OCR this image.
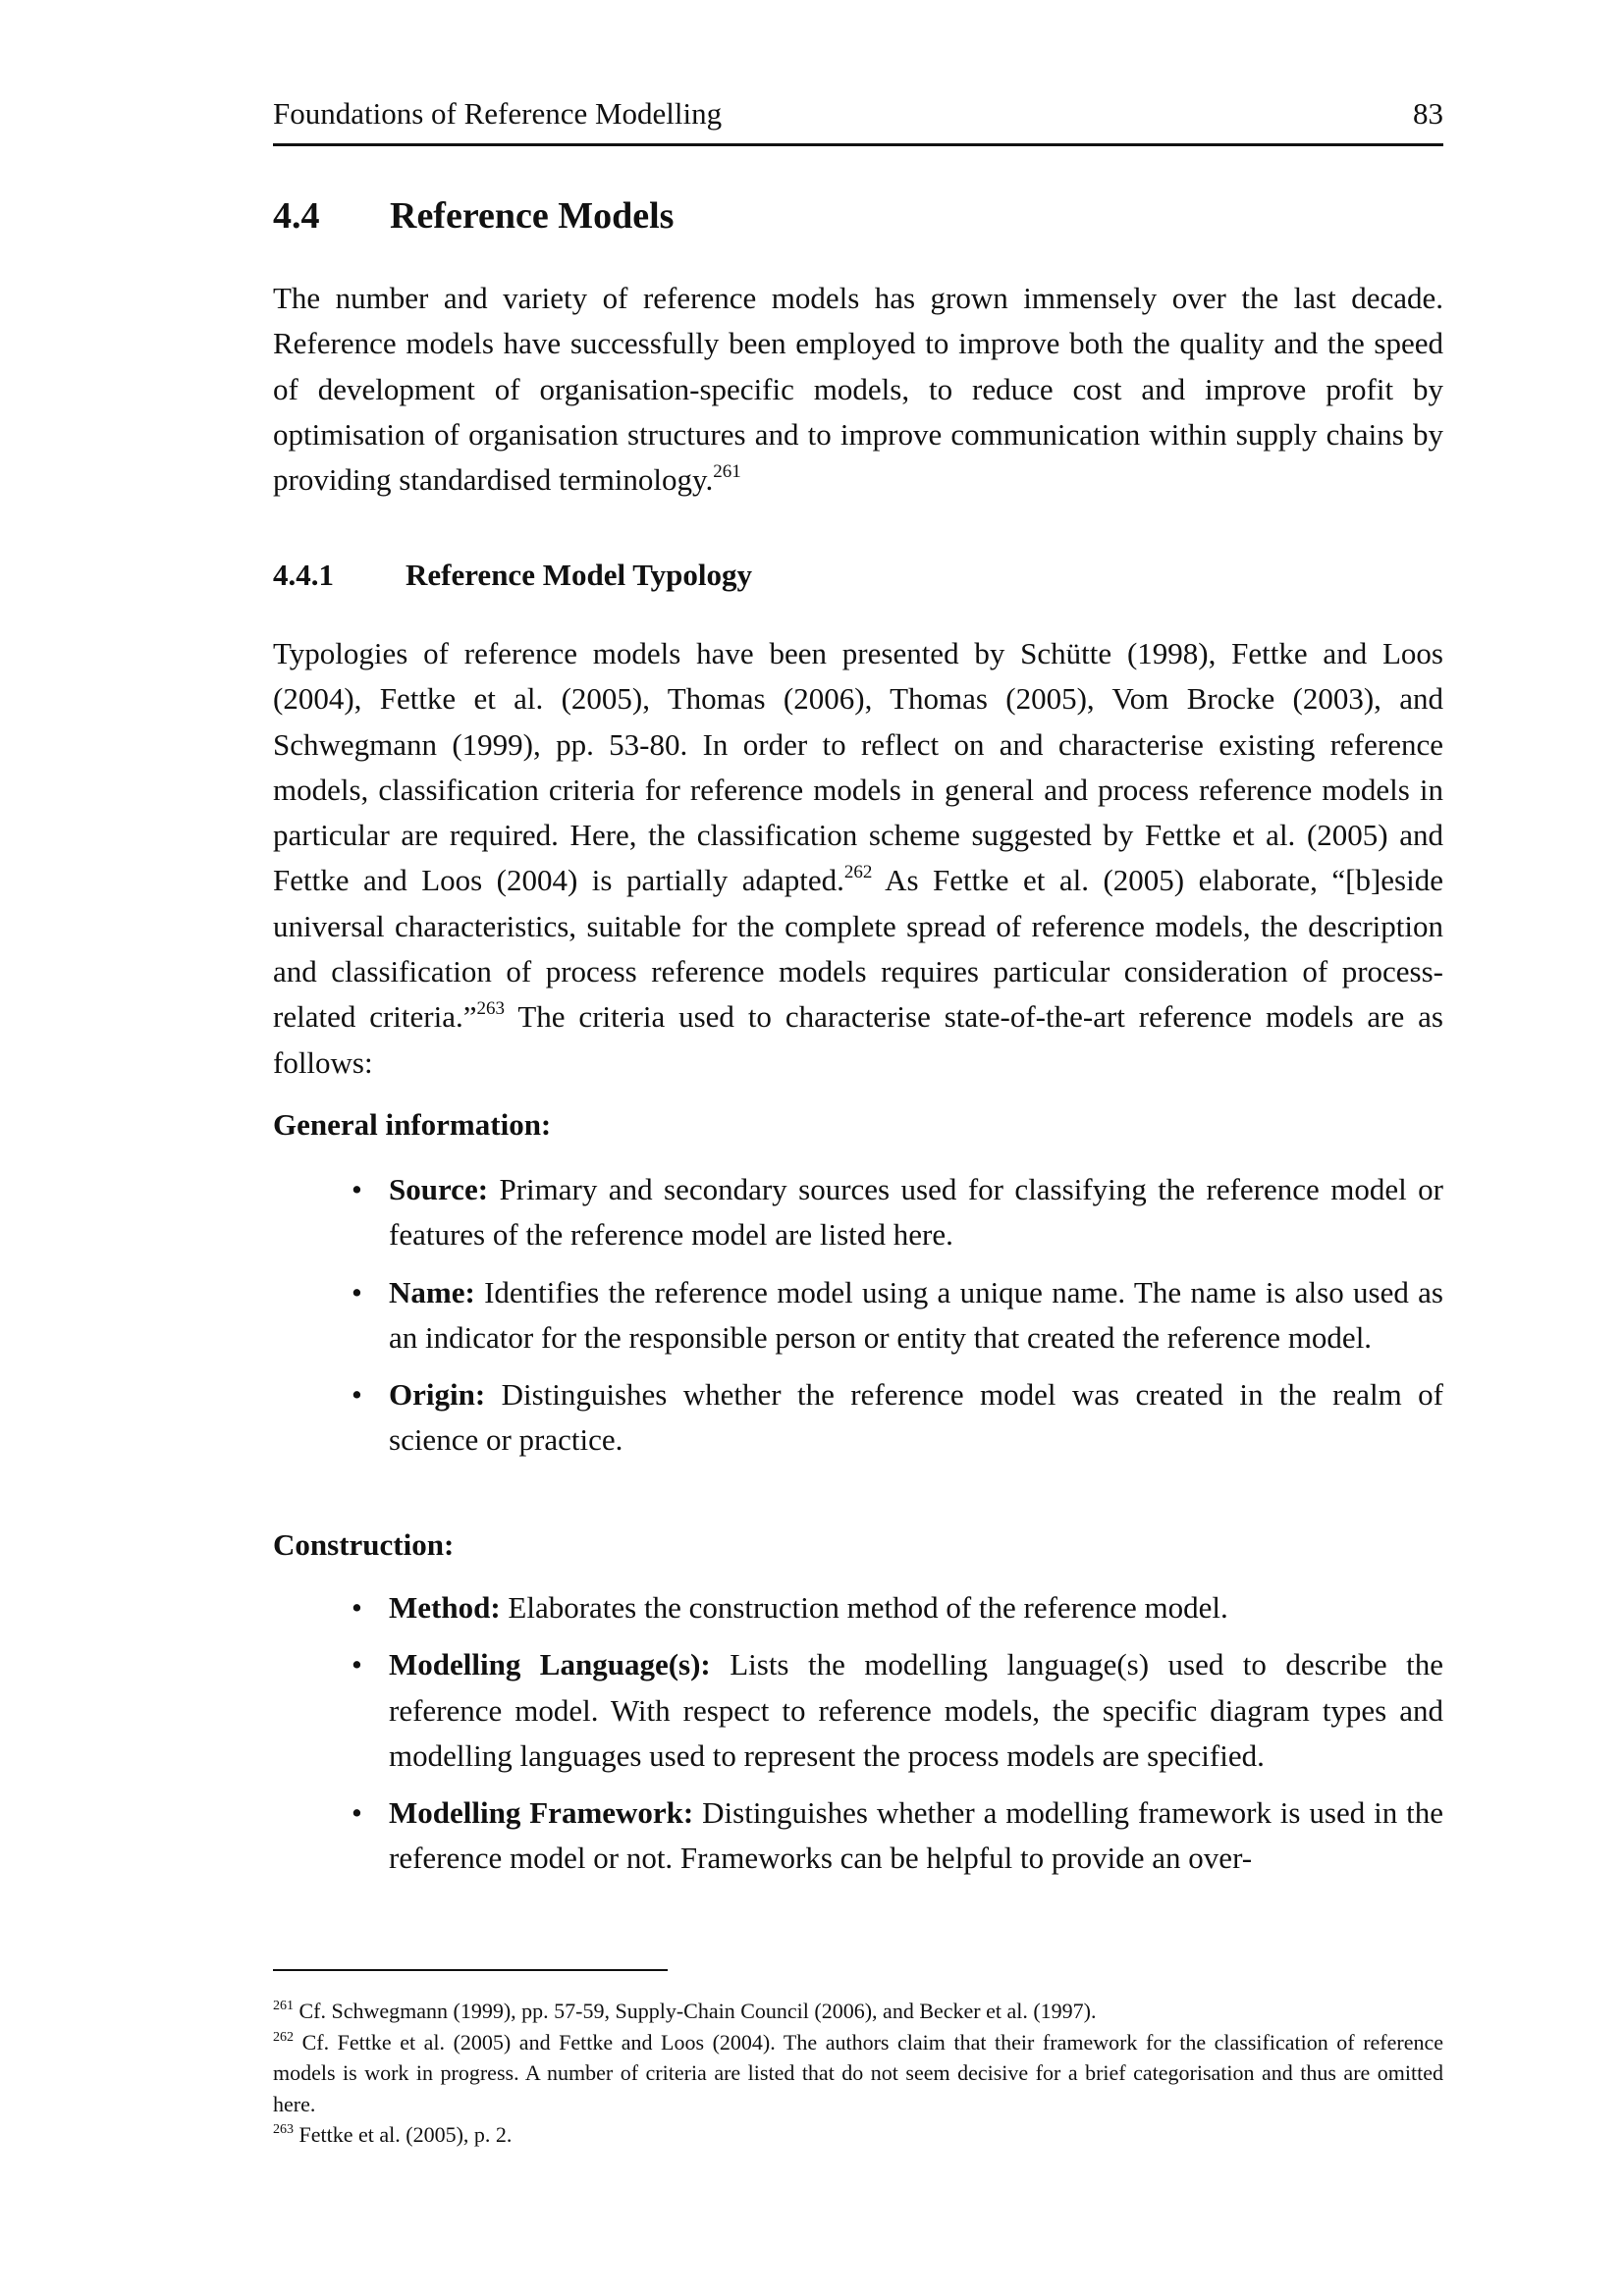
Foundations of Reference Modelling	83
4.4 Reference Models

The number and variety of reference models has grown immensely over the last decade. Reference models have successfully been employed to improve both the quality and the speed of development of organisation-specific models, to reduce cost and improve profit by optimisation of organisation structures and to improve communication within supply chains by providing standardised terminology.$^{261}$

4.4.1 Reference Model Typology

Typologies of reference models have been presented by Schütte (1998), Fettke and Loos (2004), Fettke et al. (2005), Thomas (2006), Thomas (2005), Vom Brocke (2003), and Schwegmann (1999), pp. 53-80. In order to reflect on and characterise existing reference models, classification criteria for reference models in general and process reference models in particular are required. Here, the classification scheme suggested by Fettke et al. (2005) and Fettke and Loos (2004) is partially adapted.$^{262}$ As Fettke et al. (2005) elaborate, “[b]eside universal characteristics, suitable for the complete spread of reference models, the description and classification of process reference models requires particular consideration of process-related criteria.”$^{263}$ The criteria used to characterise state-of-the-art reference models are as follows:

General information:
• Source: Primary and secondary sources used for classifying the reference model or features of the reference model are listed here.
• Name: Identifies the reference model using a unique name. The name is also used as an indicator for the responsible person or entity that created the reference model.
• Origin: Distinguishes whether the reference model was created in the realm of science or practice.
Construction:
• Method: Elaborates the construction method of the reference model.
• Modelling Language(s): Lists the modelling language(s) used to describe the reference model. With respect to reference models, the specific diagram types and modelling languages used to represent the process models are specified.
• Modelling Framework: Distinguishes whether a modelling framework is used in the reference model or not. Frameworks can be helpful to provide an over-

$^{261}$ Cf. Schwegmann (1999), pp. 57-59, Supply-Chain Council (2006), and Becker et al. (1997).

$^{262}$ Cf. Fettke et al. (2005) and Fettke and Loos (2004). The authors claim that their framework for the classification of reference models is work in progress. A number of criteria are listed that do not seem decisive for a brief categorisation and thus are omitted here.

$^{263}$ Fettke et al. (2005), p. 2.
